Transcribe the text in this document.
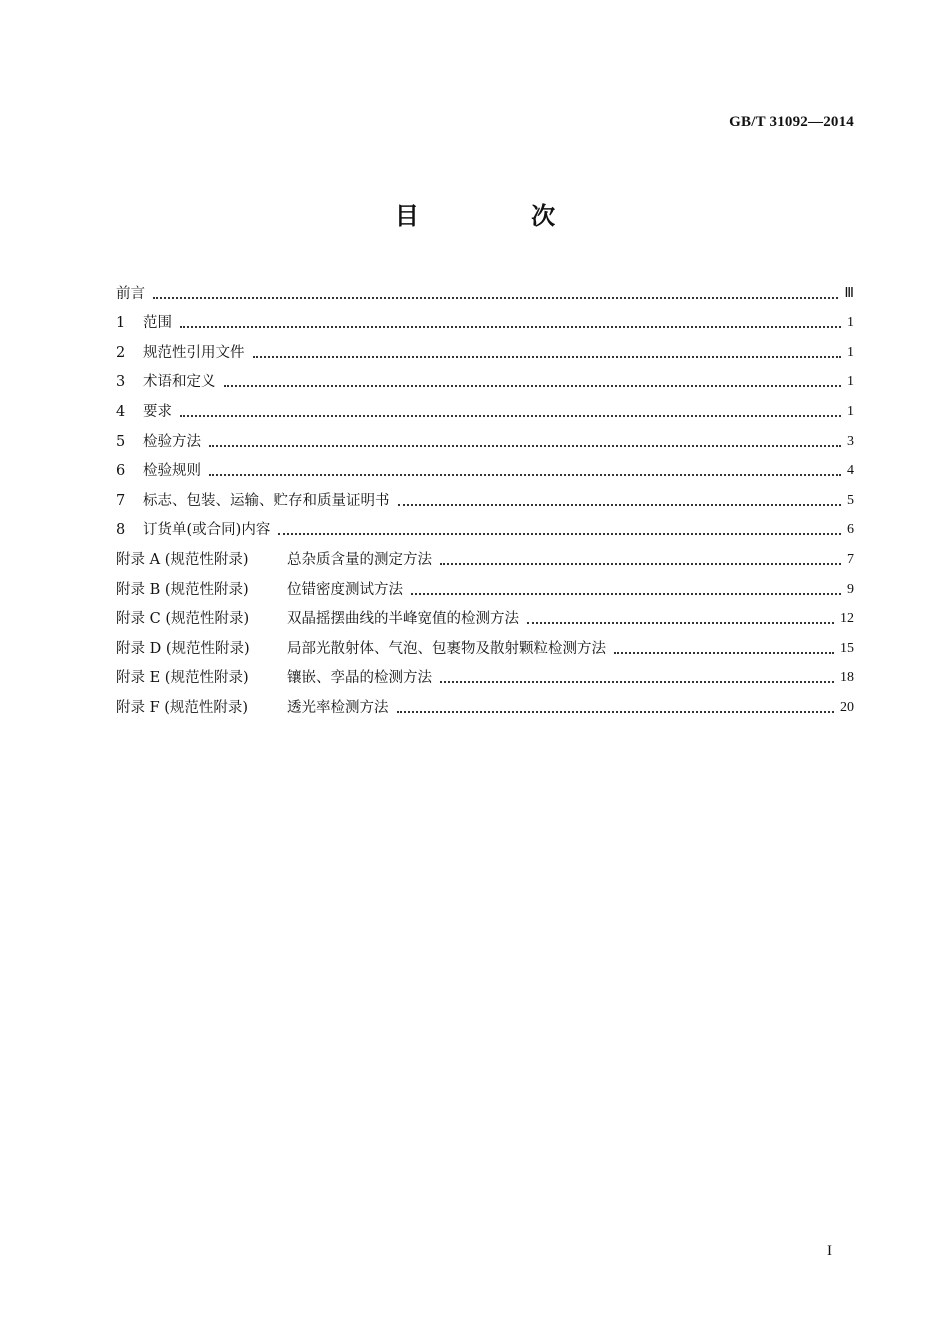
GB/T 31092—2014
目 次
前言	Ⅲ
1	范围	1
2	规范性引用文件	1
3	术语和定义	1
4	要求	1
5	检验方法	3
6	检验规则	4
7	标志、包装、运输、贮存和质量证明书	5
8	订货单(或合同)内容	6
附录 A (规范性附录)	总杂质含量的测定方法	7
附录 B (规范性附录)	位错密度测试方法	9
附录 C (规范性附录)	双晶摇摆曲线的半峰宽值的检测方法	12
附录 D (规范性附录)	局部光散射体、气泡、包裹物及散射颗粒检测方法	15
附录 E (规范性附录)	镶嵌、孪晶的检测方法	18
附录 F (规范性附录)	透光率检测方法	20
I
